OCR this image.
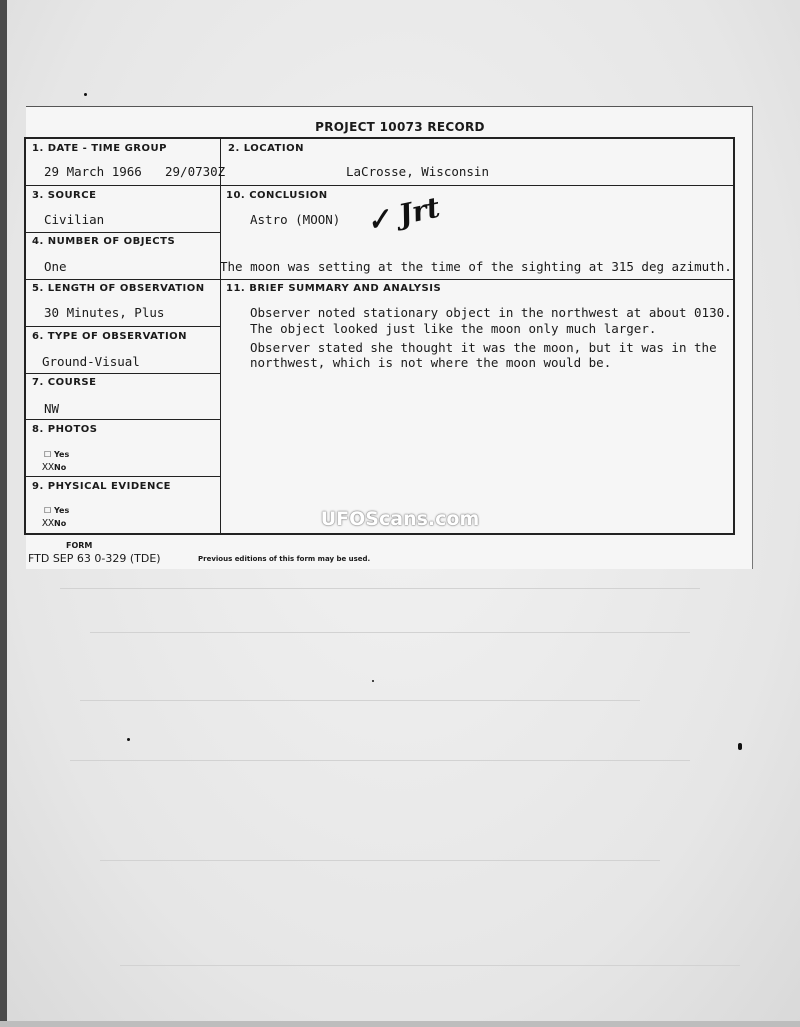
PROJECT 10073 RECORD
1. DATE - TIME GROUP
29 March 1966 29/0730Z
3. SOURCE
Civilian
4. NUMBER OF OBJECTS
One
5. LENGTH OF OBSERVATION
30 Minutes, Plus
6. TYPE OF OBSERVATION
Ground-Visual
7. COURSE
NW
8. PHOTOS
☐ Yes
XXNo
9. PHYSICAL EVIDENCE
☐ Yes
XXNo
2. LOCATION
LaCrosse, Wisconsin
10. CONCLUSION
Astro (MOON) ✓ Jrt
The moon was setting at the time of the sighting at 315 deg azimuth.
11. BRIEF SUMMARY AND ANALYSIS
Observer noted stationary object in the northwest at about 0130.
The object looked just like the moon only much larger.
Observer stated she thought it was the moon, but it was in the
northwest, which is not where the moon would be.
FORM
FTD SEP 63 0-329 (TDE)	Previous editions of this form may be used.
UFOScans.com
